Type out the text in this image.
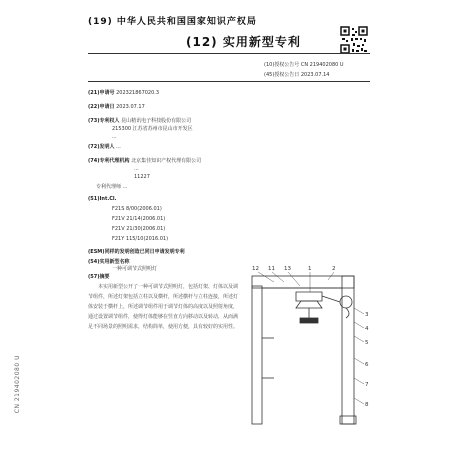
(19) 中华人民共和国国家知识产权局
(12) 实用新型专利
(10)授权公告号 CN 219402080 U
(45)授权公告日 2023.07.14
(21)申请号 202321867020.3
(22)申请日 2023.07.17
(73)专利权人 昆山精讯电子科技股份有限公司
215300 江苏省苏州市昆山市开发区
...
(72)发明人 ...
(74)专利代理机构 北京集佳知识产权代理有限公司
...
11227
专利代理师 ...
(51)Int.Cl.
F21S 8/00(2006.01)
F21V 21/14(2006.01)
F21V 21/30(2006.01)
F21Y 115/10(2016.01)
(ESM)同样的发明创造已同日申请发明专利
(54)实用新型名称
一种可调节式照明灯
(57)摘要
本实用新型公开了一种可调节式照明灯，包括灯架、灯体以及调节组件，所述灯架包括立柱以及横杆，所述横杆与立柱连接，所述灯体安装于横杆上，所述调节组件用于调节灯体的高度以及照射角度，通过设置调节组件，使得灯体能够在竖直方向移动以及转动，从而满足不同场景的照明需求，结构简单，使用方便，具有较好的实用性。
CN 219402080 U
12 11 13	1	2
3
4
5
6
7
8
